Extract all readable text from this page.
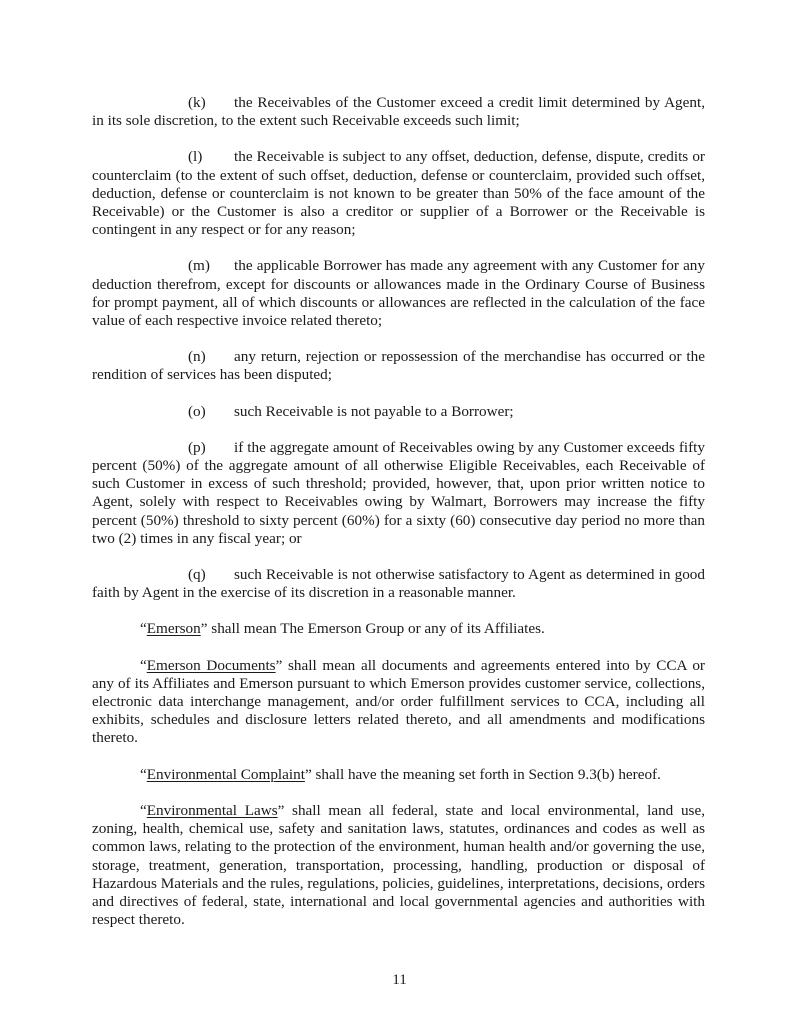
(k) the Receivables of the Customer exceed a credit limit determined by Agent, in its sole discretion, to the extent such Receivable exceeds such limit;

(l) the Receivable is subject to any offset, deduction, defense, dispute, credits or counterclaim (to the extent of such offset, deduction, defense or counterclaim, provided such offset, deduction, defense or counterclaim is not known to be greater than 50% of the face amount of the Receivable) or the Customer is also a creditor or supplier of a Borrower or the Receivable is contingent in any respect or for any reason;

(m) the applicable Borrower has made any agreement with any Customer for any deduction therefrom, except for discounts or allowances made in the Ordinary Course of Business for prompt payment, all of which discounts or allowances are reflected in the calculation of the face value of each respective invoice related thereto;

(n) any return, rejection or repossession of the merchandise has occurred or the rendition of services has been disputed;

(o) such Receivable is not payable to a Borrower;

(p) if the aggregate amount of Receivables owing by any Customer exceeds fifty percent (50%) of the aggregate amount of all otherwise Eligible Receivables, each Receivable of such Customer in excess of such threshold; provided, however, that, upon prior written notice to Agent, solely with respect to Receivables owing by Walmart, Borrowers may increase the fifty percent (50%) threshold to sixty percent (60%) for a sixty (60) consecutive day period no more than two (2) times in any fiscal year; or

(q) such Receivable is not otherwise satisfactory to Agent as determined in good faith by Agent in the exercise of its discretion in a reasonable manner.

“Emerson” shall mean The Emerson Group or any of its Affiliates.

“Emerson Documents” shall mean all documents and agreements entered into by CCA or any of its Affiliates and Emerson pursuant to which Emerson provides customer service, collections, electronic data interchange management, and/or order fulfillment services to CCA, including all exhibits, schedules and disclosure letters related thereto, and all amendments and modifications thereto.

“Environmental Complaint” shall have the meaning set forth in Section 9.3(b) hereof.

“Environmental Laws” shall mean all federal, state and local environmental, land use, zoning, health, chemical use, safety and sanitation laws, statutes, ordinances and codes as well as common laws, relating to the protection of the environment, human health and/or governing the use, storage, treatment, generation, transportation, processing, handling, production or disposal of Hazardous Materials and the rules, regulations, policies, guidelines, interpretations, decisions, orders and directives of federal, state, international and local governmental agencies and authorities with respect thereto.

11
